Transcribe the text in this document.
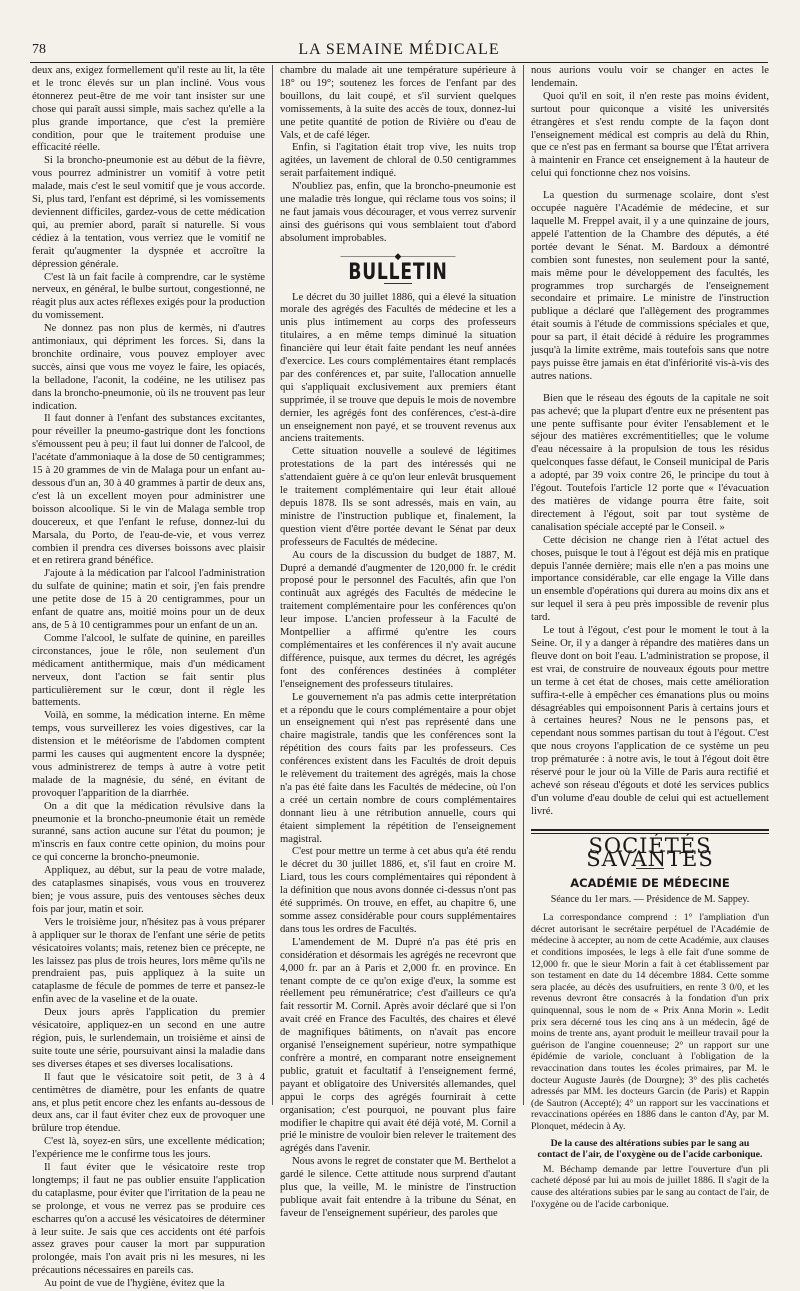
78	LA SEMAINE MÉDICALE

deux ans, exigez formellement qu'il reste au lit, la tête et le tronc élevés sur un plan incliné. Vous vous étonnerez peut-être de me voir tant insister sur une chose qui paraît aussi simple, mais sachez qu'elle a la plus grande importance, que c'est la première condition, pour que le traitement produise une efficacité réelle.

Si la broncho-pneumonie est au début de la fièvre, vous pourrez administrer un vomitif à votre petit malade, mais c'est le seul vomitif que je vous accorde. Si, plus tard, l'enfant est déprimé, si les vomissements deviennent difficiles, gardez-vous de cette médication qui, au premier abord, paraît si naturelle. Si vous cédiez à la tentation, vous verriez que le vomitif ne ferait qu'augmenter la dyspnée et accroître la dépression générale.

C'est là un fait facile à comprendre, car le système nerveux, en général, le bulbe surtout, congestionné, ne réagit plus aux actes réflexes exigés pour la production du vomissement.

Ne donnez pas non plus de kermès, ni d'autres antimoniaux, qui dépriment les forces. Si, dans la bronchite ordinaire, vous pouvez employer avec succès, ainsi que vous me voyez le faire, les opiacés, la belladone, l'aconit, la codéine, ne les utilisez pas dans la broncho-pneumonie, où ils ne trouvent pas leur indication.

Il faut donner à l'enfant des substances excitantes, pour réveiller la pneumo-gastrique dont les fonctions s'émoussent peu à peu; il faut lui donner de l'alcool, de l'acétate d'ammoniaque à la dose de 50 centigrammes; 15 à 20 grammes de vin de Malaga pour un enfant au-dessous d'un an, 30 à 40 grammes à partir de deux ans, c'est là un excellent moyen pour administrer une boisson alcoolique. Si le vin de Malaga semble trop doucereux, et que l'enfant le refuse, donnez-lui du Marsala, du Porto, de l'eau-de-vie, et vous verrez combien il prendra ces diverses boissons avec plaisir et en retirera grand bénéfice.

J'ajoute à la médication par l'alcool l'administration du sulfate de quinine; matin et soir, j'en fais prendre une petite dose de 15 à 20 centigrammes, pour un enfant de quatre ans, moitié moins pour un de deux ans, de 5 à 10 centigrammes pour un enfant de un an.

Comme l'alcool, le sulfate de quinine, en pareilles circonstances, joue le rôle, non seulement d'un médicament antithermique, mais d'un médicament nerveux, dont l'action se fait sentir plus particulièrement sur le cœur, dont il règle les battements.

Voilà, en somme, la médication interne. En même temps, vous surveillerez les voies digestives, car la distension et le météorisme de l'abdomen comptent parmi les causes qui augmentent encore la dyspnée; vous administrerez de temps à autre à votre petit malade de la magnésie, du séné, en évitant de provoquer l'apparition de la diarrhée.

On a dit que la médication révulsive dans la pneumonie et la broncho-pneumonie était un remède suranné, sans action aucune sur l'état du poumon; je m'inscris en faux contre cette opinion, du moins pour ce qui concerne la broncho-pneumonie.

Appliquez, au début, sur la peau de votre malade, des cataplasmes sinapisés, vous vous en trouverez bien; je vous assure, puis des ventouses sèches deux fois par jour, matin et soir.

Vers le troisième jour, n'hésitez pas à vous préparer à appliquer sur le thorax de l'enfant une série de petits vésicatoires volants; mais, retenez bien ce précepte, ne les laissez pas plus de trois heures, lors même qu'ils ne prendraient pas, puis appliquez à la suite un cataplasme de fécule de pommes de terre et pansez-le enfin avec de la vaseline et de la ouate.

Deux jours après l'application du premier vésicatoire, appliquez-en un second en une autre région, puis, le surlendemain, un troisième et ainsi de suite toute une série, poursuivant ainsi la maladie dans ses diverses étapes et ses diverses localisations.

Il faut que le vésicatoire soit petit, de 3 à 4 centimètres de diamètre, pour les enfants de quatre ans, et plus petit encore chez les enfants au-dessous de deux ans, car il faut éviter chez eux de provoquer une brûlure trop étendue.

C'est là, soyez-en sûrs, une excellente médication; l'expérience me le confirme tous les jours.

Il faut éviter que le vésicatoire reste trop longtemps; il faut ne pas oublier ensuite l'application du cataplasme, pour éviter que l'irritation de la peau ne se prolonge, et vous ne verrez pas se produire ces escharres qu'on a accusé les vésicatoires de déterminer à leur suite. Je sais que ces accidents ont été parfois assez graves pour causer la mort par suppuration prolongée, mais l'on avait pris ni les mesures, ni les précautions nécessaires en pareils cas.

Au point de vue de l'hygiène, évitez que la

chambre du malade ait une température supérieure à 18° ou 19°; soutenez les forces de l'enfant par des bouillons, du lait coupé, et s'il survient quelques vomissements, à la suite des accès de toux, donnez-lui une petite quantité de potion de Rivière ou d'eau de Vals, et de café léger.

Enfin, si l'agitation était trop vive, les nuits trop agitées, un lavement de chloral de 0.50 centigrammes serait parfaitement indiqué.

N'oubliez pas, enfin, que la broncho-pneumonie est une maladie très longue, qui réclame tous vos soins; il ne faut jamais vous décourager, et vous verrez survenir ainsi des guérisons qui vous semblaient tout d'abord absolument improbables.

——————◆——————
BULLETIN

Le décret du 30 juillet 1886, qui a élevé la situation morale des agrégés des Facultés de médecine et les a unis plus intimement au corps des professeurs titulaires, a en même temps diminué la situation financière qui leur était faite pendant les neuf années d'exercice. Les cours complémentaires étant remplacés par des conférences et, par suite, l'allocation annuelle qui s'appliquait exclusivement aux premiers étant supprimée, il se trouve que depuis le mois de novembre dernier, les agrégés font des conférences, c'est-à-dire un enseignement non payé, et se trouvent revenus aux anciens traitements.

Cette situation nouvelle a soulevé de légitimes protestations de la part des intéressés qui ne s'attendaient guère à ce qu'on leur enlevât brusquement le traitement complémentaire qui leur était alloué depuis 1878. Ils se sont adressés, mais en vain, au ministre de l'instruction publique et, finalement, la question vient d'être portée devant le Sénat par deux professeurs de Facultés de médecine.

Au cours de la discussion du budget de 1887, M. Dupré a demandé d'augmenter de 120,000 fr. le crédit proposé pour le personnel des Facultés, afin que l'on continuât aux agrégés des Facultés de médecine le traitement complémentaire pour les conférences qu'on leur impose. L'ancien professeur à la Faculté de Montpellier a affirmé qu'entre les cours complémentaires et les conférences il n'y avait aucune différence, puisque, aux termes du décret, les agrégés font des conférences destinées à compléter l'enseignement des professeurs titulaires.

Le gouvernement n'a pas admis cette interprétation et a répondu que le cours complémentaire a pour objet un enseignement qui n'est pas représenté dans une chaire magistrale, tandis que les conférences sont la répétition des cours faits par les professeurs. Ces conférences existent dans les Facultés de droit depuis le relèvement du traitement des agrégés, mais la chose n'a pas été faite dans les Facultés de médecine, où l'on a créé un certain nombre de cours complémentaires donnant lieu à une rétribution annuelle, cours qui étaient simplement la répétition de l'enseignement magistral.

C'est pour mettre un terme à cet abus qu'a été rendu le décret du 30 juillet 1886, et, s'il faut en croire M. Liard, tous les cours complémentaires qui répondent à la définition que nous avons donnée ci-dessus n'ont pas été supprimés. On trouve, en effet, au chapitre 6, une somme assez considérable pour cours supplémentaires dans tous les ordres de Facultés.

L'amendement de M. Dupré n'a pas été pris en considération et désormais les agrégés ne recevront que 4,000 fr. par an à Paris et 2,000 fr. en province. En tenant compte de ce qu'on exige d'eux, la somme est réellement peu rémunératrice; c'est d'ailleurs ce qu'a fait ressortir M. Cornil. Après avoir déclaré que si l'on avait créé en France des Facultés, des chaires et élevé de magnifiques bâtiments, on n'avait pas encore organisé l'enseignement supérieur, notre sympathique confrère a montré, en comparant notre enseignement public, gratuit et facultatif à l'enseignement fermé, payant et obligatoire des Universités allemandes, quel appui le corps des agrégés fournirait à cette organisation; c'est pourquoi, ne pouvant plus faire modifier le chapitre qui avait été déjà voté, M. Cornil a prié le ministre de vouloir bien relever le traitement des agrégés dans l'avenir.

Nous avons le regret de constater que M. Berthelot a gardé le silence. Cette attitude nous surprend d'autant plus que, la veille, M. le ministre de l'instruction publique avait fait entendre à la tribune du Sénat, en faveur de l'enseignement supérieur, des paroles que

nous aurions voulu voir se changer en actes le lendemain.

Quoi qu'il en soit, il n'en reste pas moins évident, surtout pour quiconque a visité les universités étrangères et s'est rendu compte de la façon dont l'enseignement médical est compris au delà du Rhin, que ce n'est pas en fermant sa bourse que l'État arrivera à maintenir en France cet enseignement à la hauteur de celui qui fonctionne chez nos voisins.

La question du surmenage scolaire, dont s'est occupée naguère l'Académie de médecine, et sur laquelle M. Freppel avait, il y a une quinzaine de jours, appelé l'attention de la Chambre des députés, a été portée devant le Sénat. M. Bardoux a démontré combien sont funestes, non seulement pour la santé, mais même pour le développement des facultés, les programmes trop surchargés de l'enseignement secondaire et primaire. Le ministre de l'instruction publique a déclaré que l'allègement des programmes était soumis à l'étude de commissions spéciales et que, pour sa part, il était décidé à réduire les programmes jusqu'à la limite extrême, mais toutefois sans que notre pays puisse être jamais en état d'infériorité vis-à-vis des autres nations.

Bien que le réseau des égouts de la capitale ne soit pas achevé; que la plupart d'entre eux ne présentent pas une pente suffisante pour éviter l'ensablement et le séjour des matières excrémentitielles; que le volume d'eau nécessaire à la propulsion de tous les résidus quelconques fasse défaut, le Conseil municipal de Paris a adopté, par 39 voix contre 26, le principe du tout à l'égout. Toutefois l'article 12 porte que « l'évacuation des matières de vidange pourra être faite, soit directement à l'égout, soit par tout système de canalisation spéciale accepté par le Conseil. »

Cette décision ne change rien à l'état actuel des choses, puisque le tout à l'égout est déjà mis en pratique depuis l'année dernière; mais elle n'en a pas moins une importance considérable, car elle engage la Ville dans un ensemble d'opérations qui durera au moins dix ans et sur lequel il sera à peu près impossible de revenir plus tard.

Le tout à l'égout, c'est pour le moment le tout à la Seine. Or, il y a danger à répandre des matières dans un fleuve dont on boit l'eau. L'administration se propose, il est vrai, de construire de nouveaux égouts pour mettre un terme à cet état de choses, mais cette amélioration suffira-t-elle à empêcher ces émanations plus ou moins désagréables qui empoisonnent Paris à certains jours et à certaines heures? Nous ne le pensons pas, et cependant nous sommes partisan du tout à l'égout. C'est que nous croyons l'application de ce système un peu trop prématurée : à notre avis, le tout à l'égout doit être réservé pour le jour où la Ville de Paris aura rectifié et achevé son réseau d'égouts et doté les services publics d'un volume d'eau double de celui qui est actuellement livré.

SOCIÉTÉS SAVANTES
ACADÉMIE DE MÉDECINE
Séance du 1er mars. — Présidence de M. Sappey.

La correspondance comprend : 1° l'ampliation d'un décret autorisant le secrétaire perpétuel de l'Académie de médecine à accepter, au nom de cette Académie, aux clauses et conditions imposées, le legs à elle fait d'une somme de 12,000 fr. que le sieur Morin a fait à cet établissement par son testament en date du 14 décembre 1884. Cette somme sera placée, au décès des usufruitiers, en rente 3 0/0, et les revenus devront être consacrés à la fondation d'un prix quinquennal, sous le nom de « Prix Anna Morin ». Ledit prix sera décerné tous les cinq ans à un médecin, âgé de moins de trente ans, ayant produit le meilleur travail pour la guérison de l'angine couenneuse; 2° un rapport sur une épidémie de variole, concluant à l'obligation de la revaccination dans toutes les écoles primaires, par M. le docteur Auguste Jaurès (de Dourgne); 3° des plis cachetés adressés par MM. les docteurs Garcin (de Paris) et Rappin (de Sautron (Accepté); 4° un rapport sur les vaccinations et revaccinations opérées en 1886 dans le canton d'Ay, par M. Plonquet, médecin à Ay.

De la cause des altérations subies par le sang au contact de l'air, de l'oxygène ou de l'acide carbonique.

M. Béchamp demande par lettre l'ouverture d'un pli cacheté déposé par lui au mois de juillet 1886. Il s'agit de la cause des altérations subies par le sang au contact de l'air, de l'oxygène ou de l'acide carbonique.
